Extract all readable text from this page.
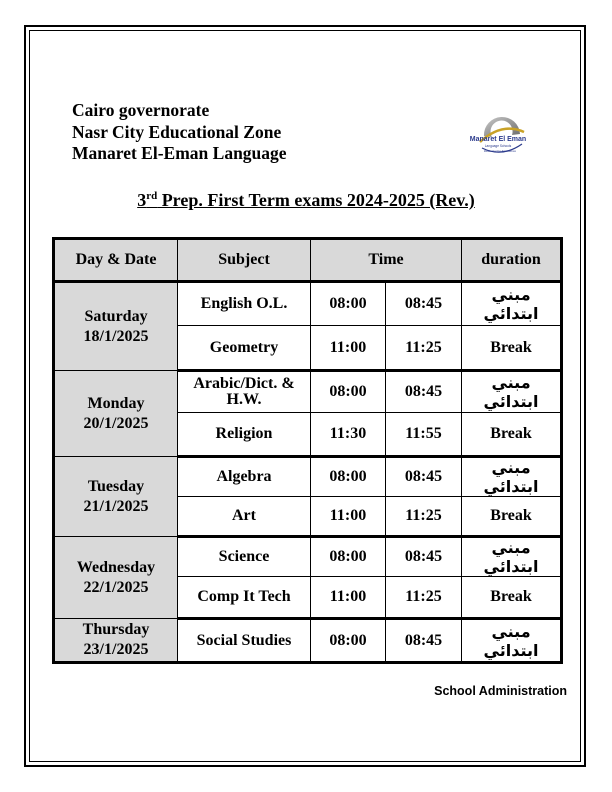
Cairo governorate
Nasr City Educational Zone
Manaret El-Eman Language
Manaret El Eman
Language Schools
Dedicated to Excellence
3rd Prep. First Term exams 2024-2025 (Rev.)
Day & Date	Subject	Time		duration

Saturday
18/1/2025	English O.L.	08:00	08:45	مبني ابتدائي
	Geometry	11:00	11:25	Break

Monday
20/1/2025	Arabic/Dict. & H.W.	08:00	08:45	مبني ابتدائي
	Religion	11:30	11:55	Break

Tuesday
21/1/2025	Algebra	08:00	08:45	مبني ابتدائي
	Art	11:00	11:25	Break

Wednesday
22/1/2025	Science	08:00	08:45	مبني ابتدائي
	Comp It Tech	11:00	11:25	Break

Thursday
23/1/2025	Social Studies	08:00	08:45	مبني ابتدائي
School Administration
